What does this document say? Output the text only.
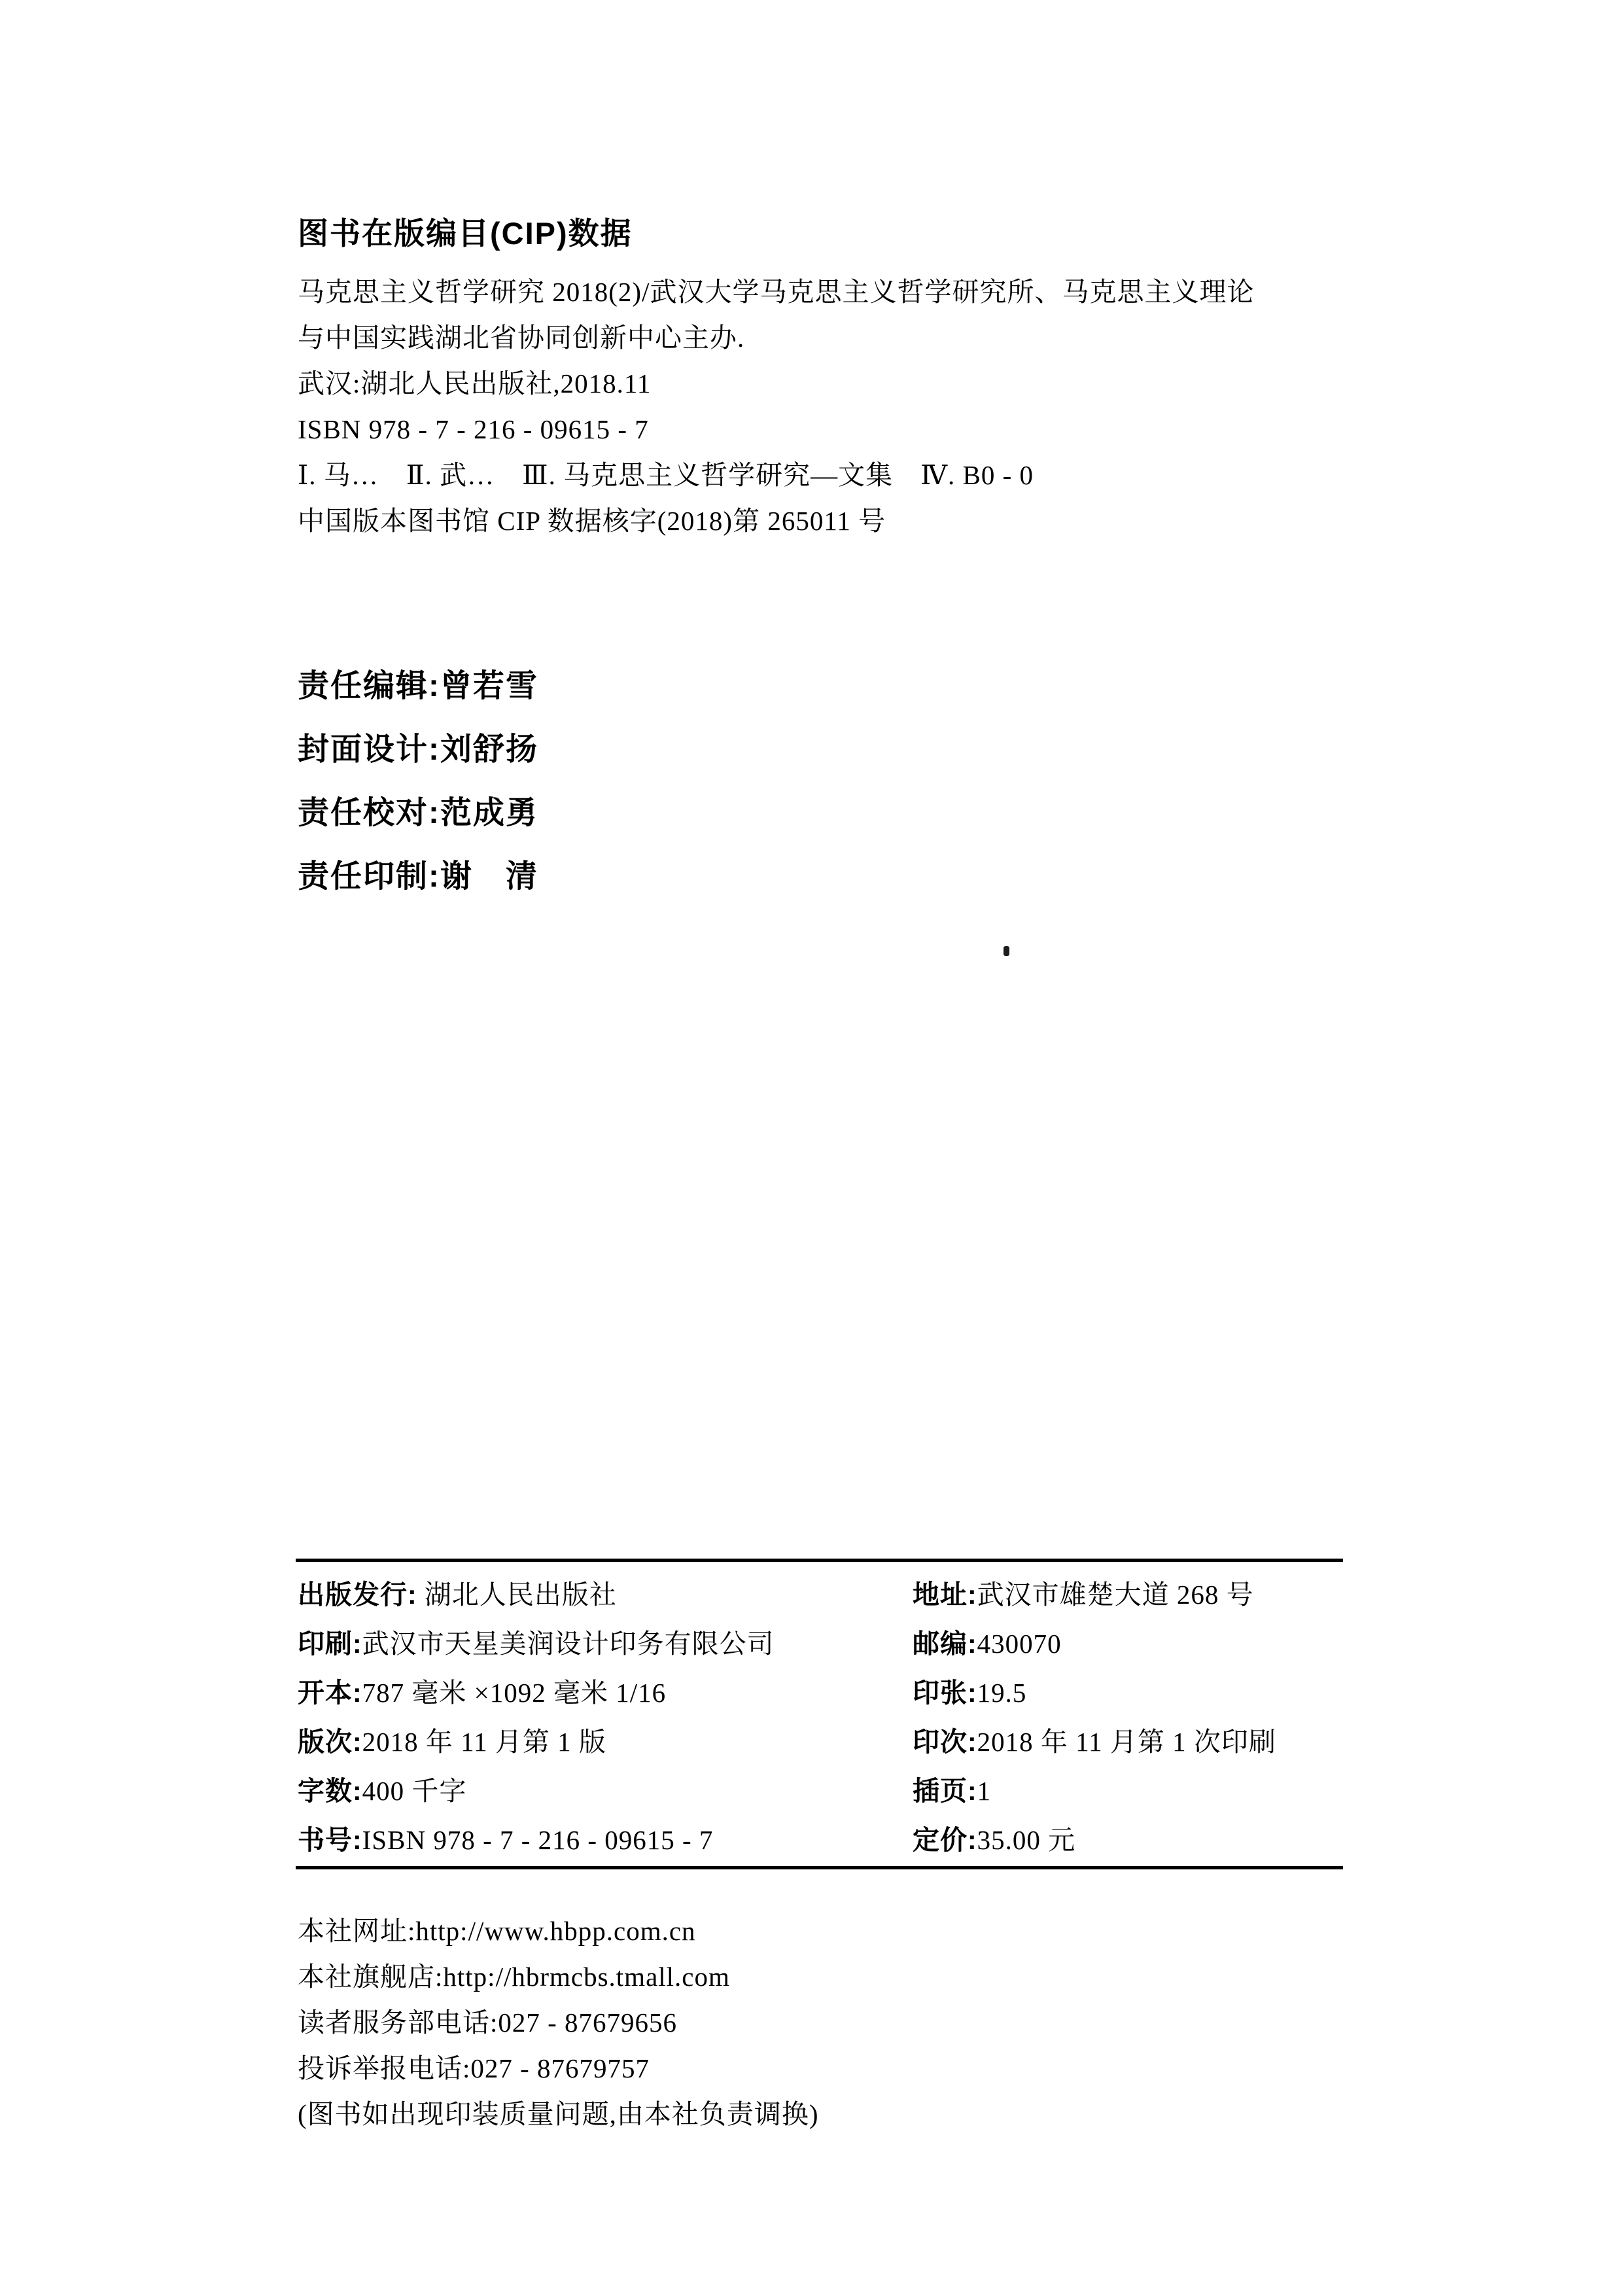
图书在版编目(CIP)数据
马克思主义哲学研究 2018(2)/武汉大学马克思主义哲学研究所、马克思主义理论
与中国实践湖北省协同创新中心主办.
武汉:湖北人民出版社,2018.11
ISBN 978 - 7 - 216 - 09615 - 7
Ⅰ. 马…　Ⅱ. 武…　Ⅲ. 马克思主义哲学研究—文集　Ⅳ. B0 - 0
中国版本图书馆 CIP 数据核字(2018)第 265011 号
责任编辑:曾若雪
封面设计:刘舒扬
责任校对:范成勇
责任印制:谢　清
出版发行: 湖北人民出版社	地址:武汉市雄楚大道 268 号
印刷:武汉市天星美润设计印务有限公司	邮编:430070
开本:787 毫米 ×1092 毫米 1/16	印张:19.5
版次:2018 年 11 月第 1 版	印次:2018 年 11 月第 1 次印刷
字数:400 千字	插页:1
书号:ISBN 978 - 7 - 216 - 09615 - 7	定价:35.00 元
本社网址:http://www.hbpp.com.cn
本社旗舰店:http://hbrmcbs.tmall.com
读者服务部电话:027 - 87679656
投诉举报电话:027 - 87679757
(图书如出现印装质量问题,由本社负责调换)
